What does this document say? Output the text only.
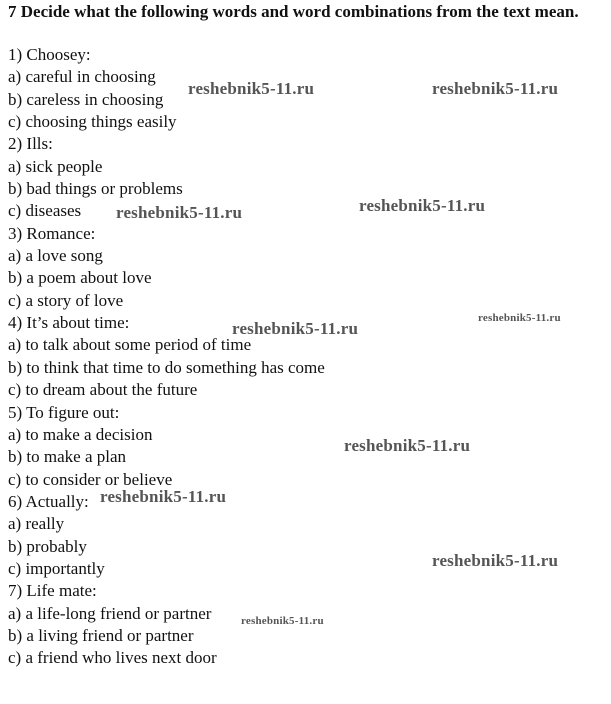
7 Decide what the following words and word combinations from the text mean.
1) Choosey:
a) careful in choosing
b) careless in choosing
c) choosing things easily
2) Ills:
a) sick people
b) bad things or problems
c) diseases
3) Romance:
a) a love song
b) a poem about love
c) a story of love
4) It’s about time:
a) to talk about some period of time
b) to think that time to do something has come
c) to dream about the future
5) To figure out:
a) to make a decision
b) to make a plan
c) to consider or believe
6) Actually:
a) really
b) probably
c) importantly
7) Life mate:
a) a life-long friend or partner
b) a living friend or partner
c) a friend who lives next door
reshebnik5-11.ru	reshebnik5-11.ru
reshebnik5-11.ru	reshebnik5-11.ru
reshebnik5-11.ru
reshebnik5-11.ru
reshebnik5-11.ru
reshebnik5-11.ru
reshebnik5-11.ru
reshebnik5-11.ru
